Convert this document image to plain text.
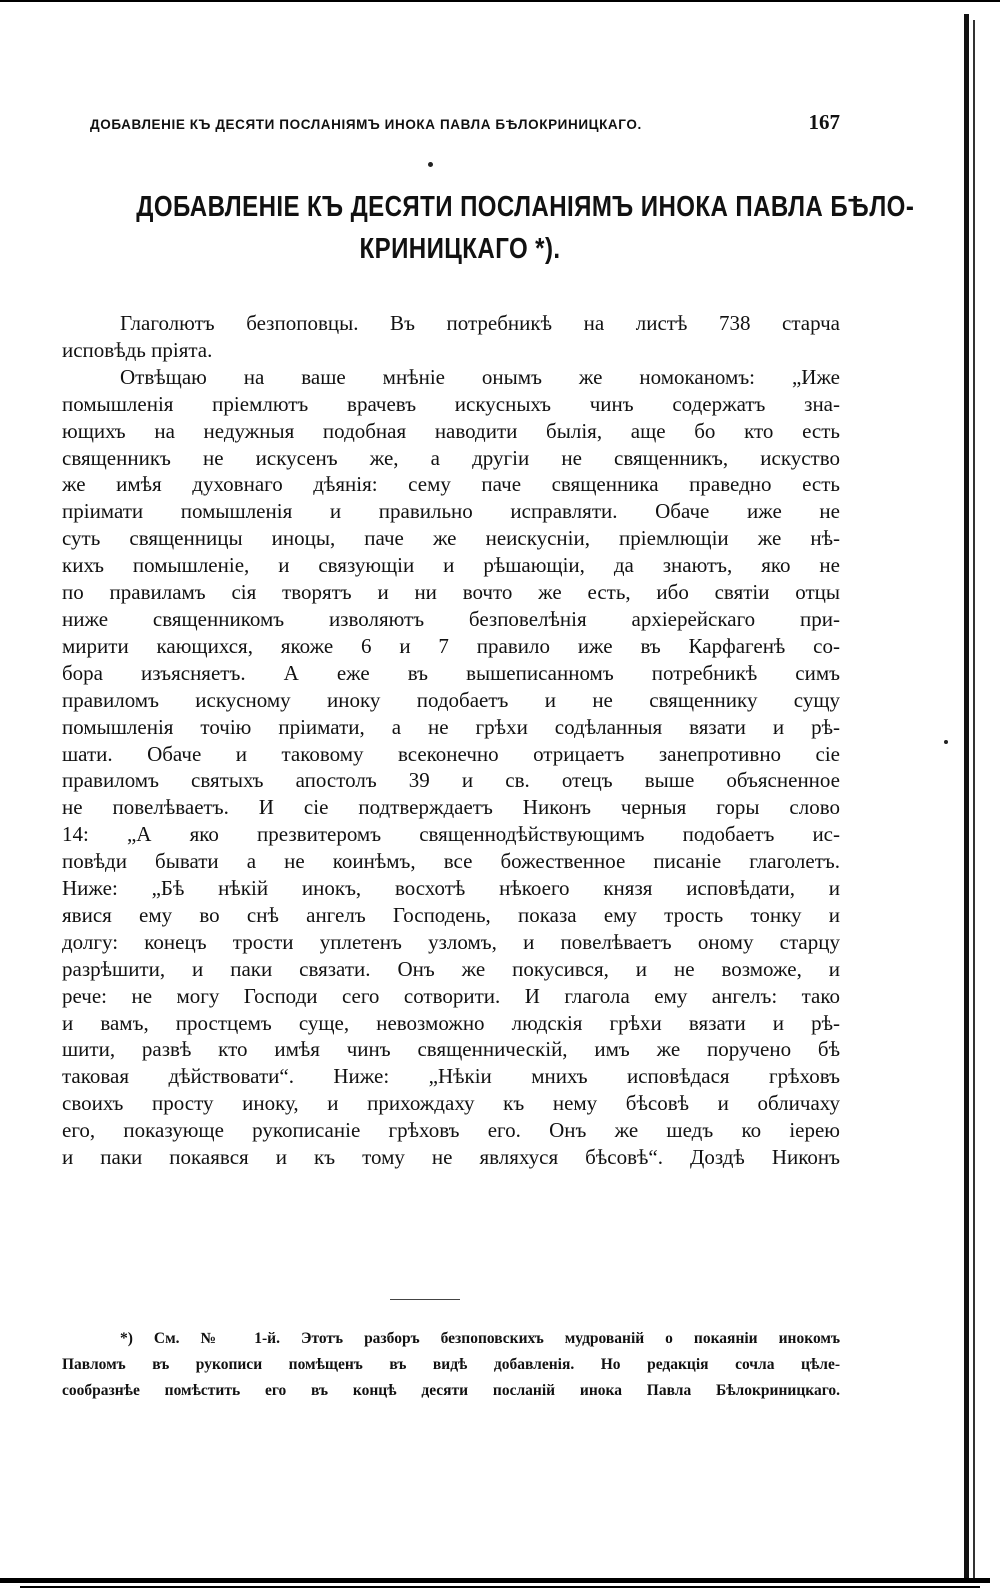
ДОБАВЛЕНІЕ КЪ ДЕСЯТИ ПОСЛАНІЯМЪ ИНОКА ПАВЛА БѢЛОКРИНИЦКАГО.	167
ДОБАВЛЕНІЕ КЪ ДЕСЯТИ ПОСЛАНІЯМЪ ИНОКА ПАВЛА БѢЛО-
КРИНИЦКАГО *).
Глаголютъ безпоповцы. Въ потребникѣ на листѣ 738 старча
исповѣдь пріята.
Отвѣщаю на ваше мнѣніе онымъ же номоканомъ: „Иже
помышленія пріемлютъ врачевъ искусныхъ чинъ содержатъ зна-
ющихъ на недужныя подобная наводити былія, аще бо кто есть
священникъ не искусенъ же, а другіи не священникъ, искуство
же имѣя духовнаго дѣянія: сему паче священника праведно есть
пріимати помышленія и правильно исправляти. Обаче иже не
суть священницы иноцы, паче же неискусніи, пріемлющіи же нѣ-
кихъ помышленіе, и связующіи и рѣшающіи, да знаютъ, яко не
по правиламъ сія творятъ и ни вочто же есть, ибо святіи отцы
ниже священникомъ изволяютъ безповелѣнія архіерейскаго при-
мирити кающихся, якоже 6 и 7 правило иже въ Карфагенѣ со-
бора изъясняетъ. А еже въ вышеписанномъ потребникѣ симъ
правиломъ искусному иноку подобаетъ и не священнику сущу
помышленія точію пріимати, а не грѣхи содѣланныя вязати и рѣ-
шати. Обаче и таковому всеконечно отрицаетъ занепротивно сіе
правиломъ святыхъ апостолъ 39 и св. отецъ выше объясненное
не повелѣваетъ. И сіе подтверждаетъ Никонъ черныя горы слово
14: „А яко презвитеромъ священнодѣйствующимъ подобаетъ ис-
повѣди бывати а не коинѣмъ, все божественное писаніе глаголетъ.
Ниже: „Бѣ нѣкій инокъ, восхотѣ нѣкоего князя исповѣдати, и
явися ему во снѣ ангелъ Господень, показа ему трость тонку и
долгу: конецъ трости уплетенъ узломъ, и повелѣваетъ оному старцу
разрѣшити, и паки связати. Онъ же покусився, и не возможе, и
рече: не могу Господи сего сотворити. И глагола ему ангелъ: тако
и вамъ, простцемъ суще, невозможно людскія грѣхи вязати и рѣ-
шити, развѣ кто имѣя чинъ священническій, имъ же поручено бѣ
таковая дѣйствовати“. Ниже: „Нѣкіи мнихъ исповѣдася грѣховъ
своихъ просту иноку, и прихождаху къ нему бѣсовѣ и обличаху
его, показующе рукописаніе грѣховъ его. Онъ же шедъ ко іерею
и паки покаявся и къ тому не являхуся бѣсовѣ“. Доздѣ Никонъ
*) См. № 1-й. Этотъ разборъ безпоповскихъ мудрованій о покаяніи инокомъ
Павломъ въ рукописи помѣщенъ въ видѣ добавленія. Но редакція сочла цѣле-
сообразнѣе помѣстить его въ концѣ десяти посланій инока Павла Бѣлокриницкаго.
